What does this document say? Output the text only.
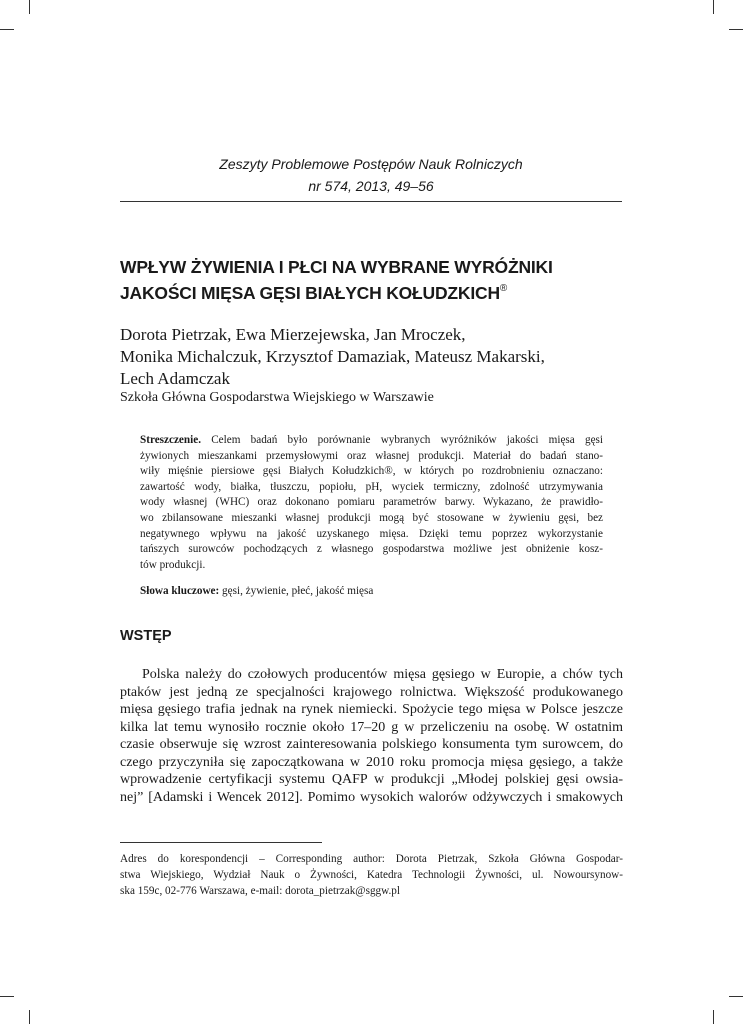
Zeszyty Problemowe Postępów Nauk Rolniczych
nr 574, 2013, 49–56
WPŁYW ŻYWIENIA I PŁCI NA WYBRANE WYRÓŻNIKI
JAKOŚCI MIĘSA GĘSI BIAŁYCH KOŁUDZKICH®
Dorota Pietrzak, Ewa Mierzejewska, Jan Mroczek,
Monika Michalczuk, Krzysztof Damaziak, Mateusz Makarski,
Lech Adamczak
Szkoła Główna Gospodarstwa Wiejskiego w Warszawie
Streszczenie. Celem badań było porównanie wybranych wyróżników jakości mięsa gęsi
żywionych mieszankami przemysłowymi oraz własnej produkcji. Materiał do badań stano-
wiły mięśnie piersiowe gęsi Białych Kołudzkich®, w których po rozdrobnieniu oznaczano:
zawartość wody, białka, tłuszczu, popiołu, pH, wyciek termiczny, zdolność utrzymywania
wody własnej (WHC) oraz dokonano pomiaru parametrów barwy. Wykazano, że prawidło-
wo zbilansowane mieszanki własnej produkcji mogą być stosowane w żywieniu gęsi, bez
negatywnego wpływu na jakość uzyskanego mięsa. Dzięki temu poprzez wykorzystanie
tańszych surowców pochodzących z własnego gospodarstwa możliwe jest obniżenie kosz-
tów produkcji.
Słowa kluczowe: gęsi, żywienie, płeć, jakość mięsa
WSTĘP
Polska należy do czołowych producentów mięsa gęsiego w Europie, a chów tych
ptaków jest jedną ze specjalności krajowego rolnictwa. Większość produkowanego
mięsa gęsiego trafia jednak na rynek niemiecki. Spożycie tego mięsa w Polsce jeszcze
kilka lat temu wynosiło rocznie około 17–20 g w przeliczeniu na osobę. W ostatnim
czasie obserwuje się wzrost zainteresowania polskiego konsumenta tym surowcem, do
czego przyczyniła się zapoczątkowana w 2010 roku promocja mięsa gęsiego, a także
wprowadzenie certyfikacji systemu QAFP w produkcji „Młodej polskiej gęsi owsia-
nej” [Adamski i Wencek 2012]. Pomimo wysokich walorów odżywczych i smakowych
Adres do korespondencji – Corresponding author: Dorota Pietrzak, Szkoła Główna Gospodar-
stwa Wiejskiego, Wydział Nauk o Żywności, Katedra Technologii Żywności, ul. Nowoursynow-
ska 159c, 02-776 Warszawa, e-mail: dorota_pietrzak@sggw.pl
